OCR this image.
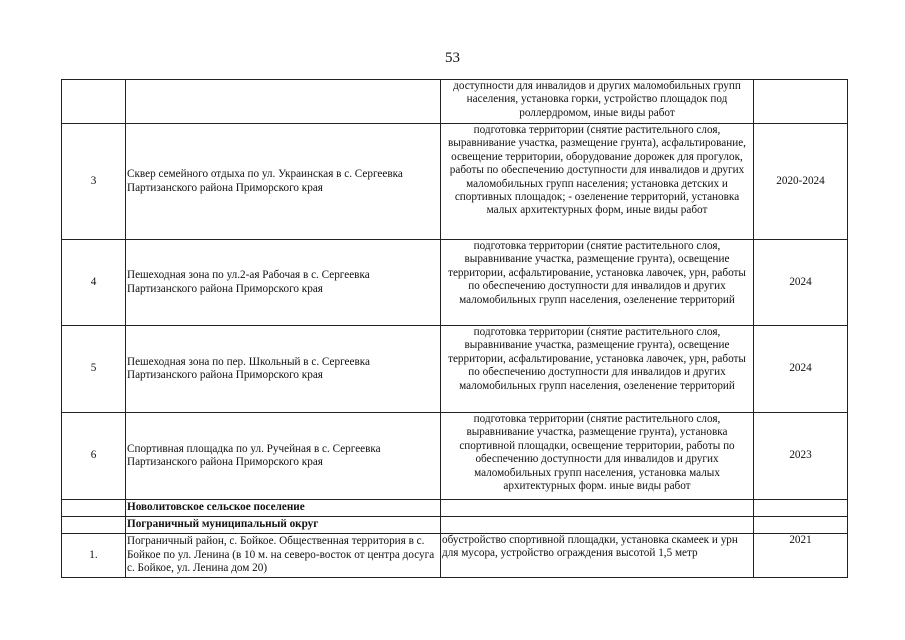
53
		доступности для инвалидов и других маломобильных групп населения, установка горки, устройство площадок под роллердромом, иные виды работ	
3	Сквер семейного отдыха по ул. Украинская в с. Сергеевка Партизанского района Приморского края	подготовка территории (снятие растительного слоя, выравнивание участка, размещение грунта), асфальтирование, освещение территории, оборудование дорожек для прогулок, работы по обеспечению доступности для инвалидов и других маломобильных групп населения; установка детских и спортивных площадок; - озеленение территорий, установка малых архитектурных форм, иные виды работ	2020-2024
4	Пешеходная зона по ул.2-ая Рабочая в с. Сергеевка Партизанского района Приморского края	подготовка территории (снятие растительного слоя, выравнивание участка, размещение грунта), освещение территории, асфальтирование, установка лавочек, урн, работы по обеспечению доступности для инвалидов и других маломобильных групп населения, озеленение территорий	2024
5	Пешеходная зона по пер. Школьный в с. Сергеевка Партизанского района Приморского края	подготовка территории (снятие растительного слоя, выравнивание участка, размещение грунта), освещение территории, асфальтирование, установка лавочек, урн, работы по обеспечению доступности для инвалидов и других маломобильных групп населения, озеленение территорий	2024
6	Спортивная площадка по ул. Ручейная в с. Сергеевка Партизанского района Приморского края	подготовка территории (снятие растительного слоя, выравнивание участка, размещение грунта), установка спортивной площадки, освещение территории, работы по обеспечению доступности для инвалидов и других маломобильных групп населения, установка малых архитектурных форм. иные виды работ	2023
	Новолитовское сельское поселение		
	Пограничный муниципальный округ		
1.	Пограничный район, с. Бойкое. Общественная территория в с. Бойкое по ул. Ленина (в 10 м. на северо-восток от центра досуга с. Бойкое, ул. Ленина дом 20)	обустройство спортивной площадки, установка скамеек и урн для мусора, устройство ограждения высотой 1,5 метр	2021
